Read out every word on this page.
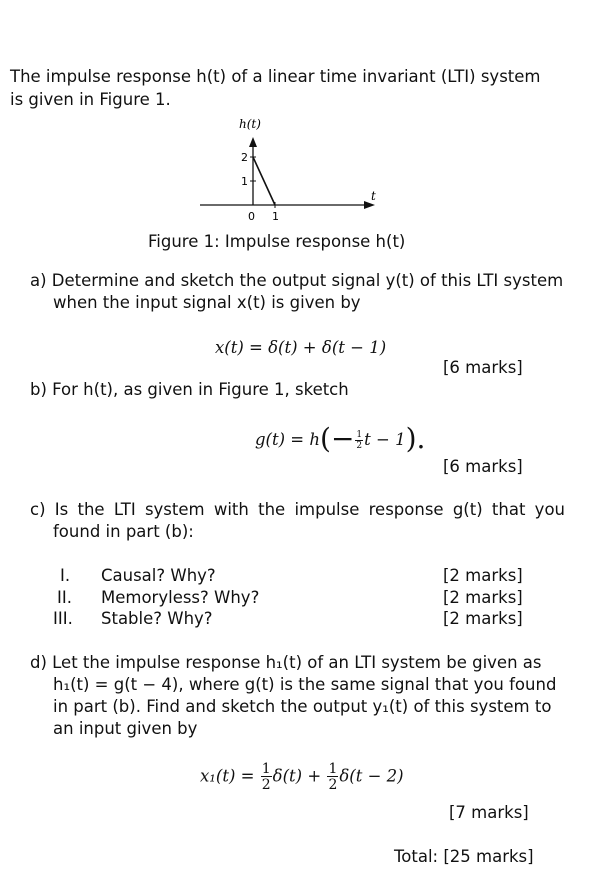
The impulse response h(t) of a linear time invariant (LTI) system
is given in Figure 1.
h(t)
t
2
1
0 1
Figure 1: Impulse response h(t)
a) Determine and sketch the output signal y(t) of this LTI system
when the input signal x(t) is given by
x(t) = δ(t) + δ(t − 1)
[6 marks]
b) For h(t), as given in Figure 1, sketch
$g(t) = h(- \frac{1}{2}$ t − 1).
[6 marks]
c) Is the LTI system with the impulse response g(t) that you
found in part (b):
I. Causal? Why?	[2 marks]
II. Memoryless? Why?	[2 marks]
III. Stable? Why?	[2 marks]
d) Let the impulse response h₁(t) of an LTI system be given as
h₁(t) = g(t − 4), where g(t) is the same signal that you found
in part (b). Find and sketch the output y₁(t) of this system to
an input given by
$x_1(t) = \frac{1}{2} \delta(t) + \frac{1}{2} \delta(t - 2)$
[7 marks]
Total: [25 marks]
